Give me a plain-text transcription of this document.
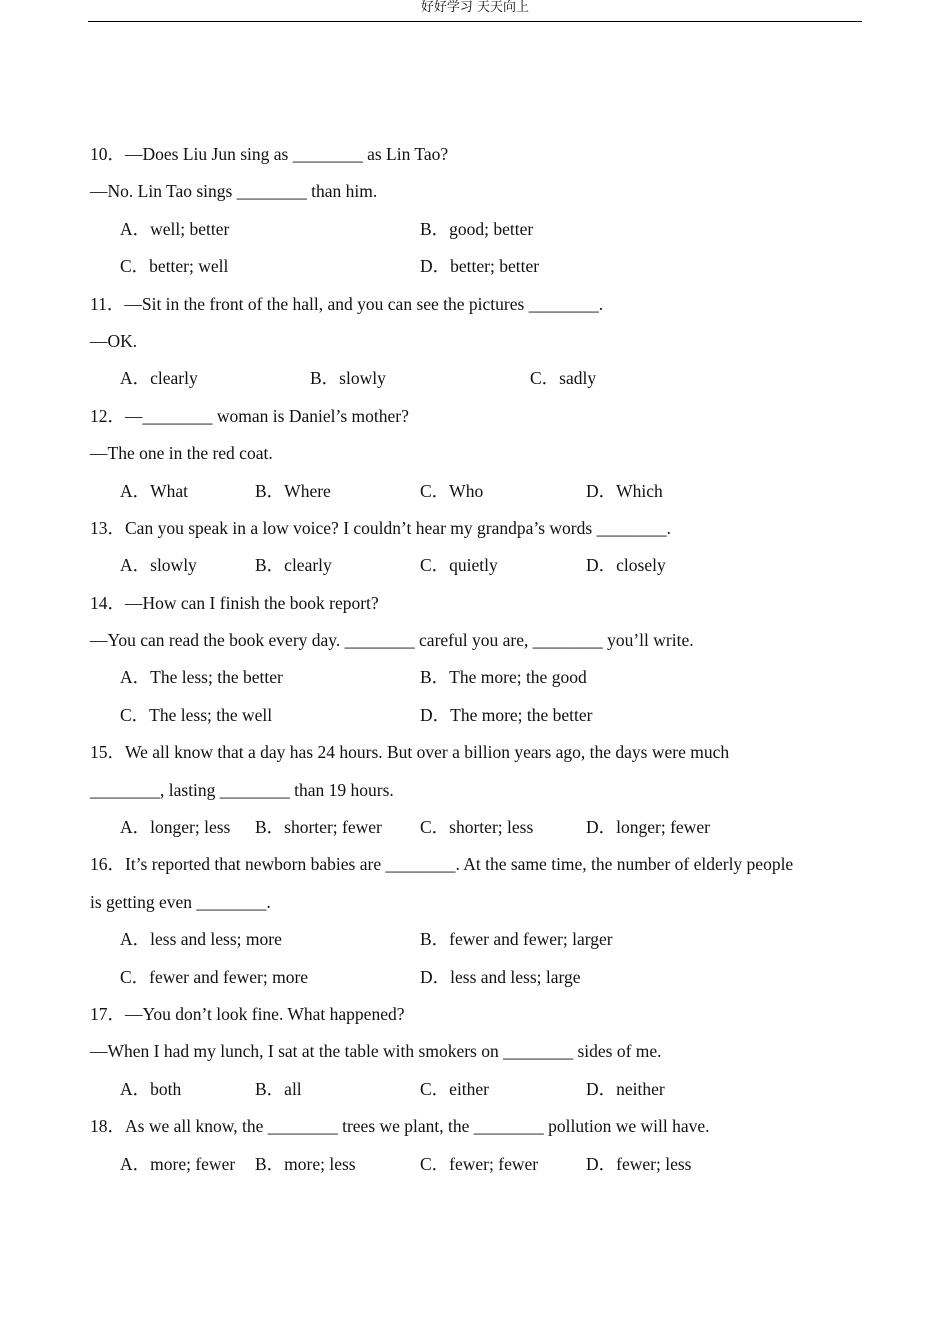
好好学习 天天向上
10．—Does Liu Jun sing as ________ as Lin Tao?
—No. Lin Tao sings ________ than him.
A．well; better	B．good; better
C．better; well	D．better; better
11．—Sit in the front of the hall, and you can see the pictures ________.
—OK.
A．clearly	B．slowly	C．sadly
12．—________ woman is Daniel’s mother?
—The one in the red coat.
A．What	B．Where	C．Who	D．Which
13．Can you speak in a low voice? I couldn’t hear my grandpa’s words ________.
A．slowly	B．clearly	C．quietly	D．closely
14．—How can I finish the book report?
—You can read the book every day. ________ careful you are, ________ you’ll write.
A．The less; the better	B．The more; the good
C．The less; the well	D．The more; the better
15．We all know that a day has 24 hours. But over a billion years ago, the days were much
________, lasting ________ than 19 hours.
A．longer; less B．shorter; fewer C．shorter; less	D．longer; fewer
16．It’s reported that newborn babies are ________. At the same time, the number of elderly people
is getting even ________.
A．less and less; more	B．fewer and fewer; larger
C．fewer and fewer; more	D．less and less; large
17．—You don’t look fine. What happened?
—When I had my lunch, I sat at the table with smokers on ________ sides of me.
A．both	B．all	C．either	D．neither
18．As we all know, the ________ trees we plant, the ________ pollution we will have.
A．more; fewer B．more; less	C．fewer; fewer	D．fewer; less
